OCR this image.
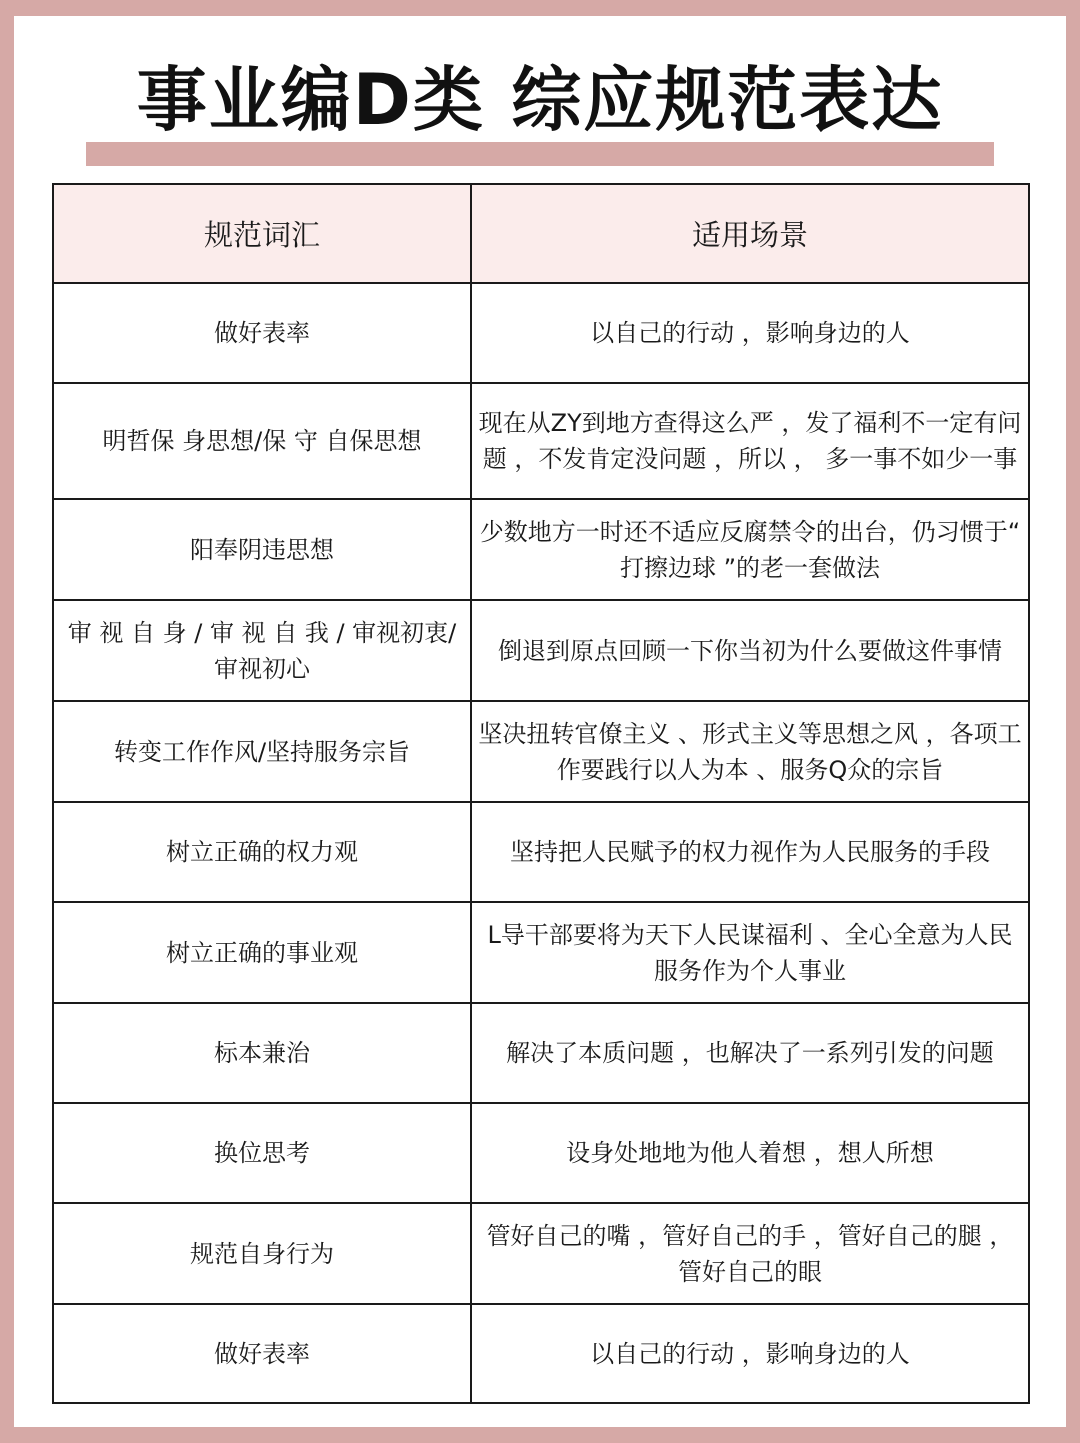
事业编D类 综应规范表达
规范词汇	适用场景
做好表率	以自己的行动 ，影响身边的人
明哲保 身思想/保 守 自保思想	现在从ZY到地方查得这么严 ，发了福利不一定有问题 ，不发肯定没问题 ，所以 ， 多一事不如少一事
阳奉阴违思想	少数地方一时还不适应反腐禁令的出台，仍习惯于“ 打擦边球 ”的老一套做法
审 视 自 身 / 审 视 自 我 / 审视初衷/审视初心	倒退到原点回顾一下你当初为什么要做这件事情
转变工作作风/坚持服务宗旨	坚决扭转官僚主义 、形式主义等思想之风 ，各项工作要践行以人为本 、服务Q众的宗旨
树立正确的权力观	坚持把人民赋予的权力视作为人民服务的手段
树立正确的事业观	L导干部要将为天下人民谋福利 、全心全意为人民服务作为个人事业
标本兼治	解决了本质问题 ，也解决了一系列引发的问题
换位思考	设身处地地为他人着想 ，想人所想
规范自身行为	管好自己的嘴 ，管好自己的手 ，管好自己的腿 ，管好自己的眼
做好表率	以自己的行动 ，影响身边的人
